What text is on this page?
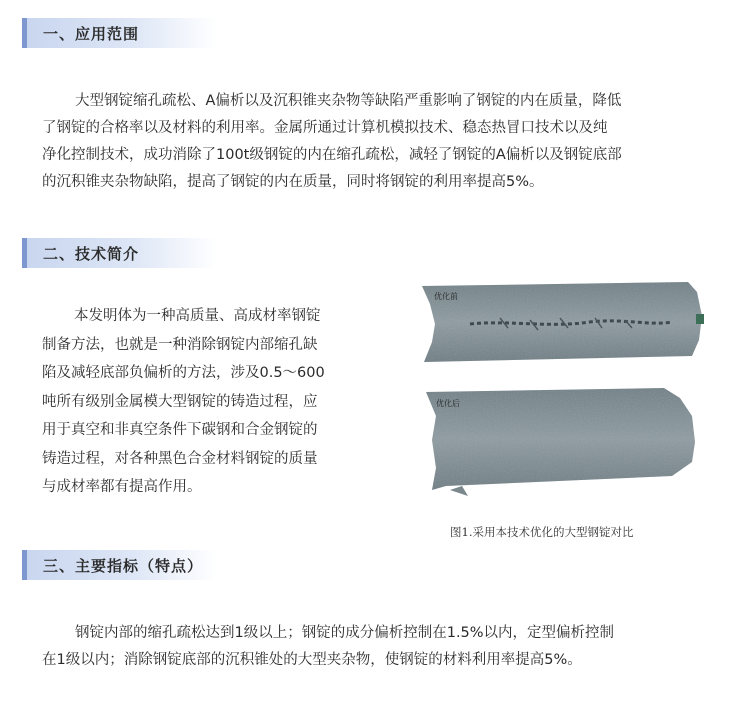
一、应用范围
大型钢锭缩孔疏松、A偏析以及沉积锥夹杂物等缺陷严重影响了钢锭的内在质量，降低
了钢锭的合格率以及材料的利用率。金属所通过计算机模拟技术、稳态热冒口技术以及纯
净化控制技术，成功消除了100t级钢锭的内在缩孔疏松，减轻了钢锭的A偏析以及钢锭底部
的沉积锥夹杂物缺陷，提高了钢锭的内在质量，同时将钢锭的利用率提高5%。
二、技术简介
本发明体为一种高质量、高成材率钢锭
制备方法，也就是一种消除钢锭内部缩孔缺
陷及减轻底部负偏析的方法，涉及0.5～600
吨所有级别金属模大型钢锭的铸造过程，应
用于真空和非真空条件下碳钢和合金钢锭的
铸造过程，对各种黑色合金材料钢锭的质量
与成材率都有提高作用。
优化前
优化后
图1.采用本技术优化的大型钢锭对比
三、主要指标（特点）
钢锭内部的缩孔疏松达到1级以上；钢锭的成分偏析控制在1.5%以内，定型偏析控制
在1级以内；消除钢锭底部的沉积锥处的大型夹杂物，使钢锭的材料利用率提高5%。
